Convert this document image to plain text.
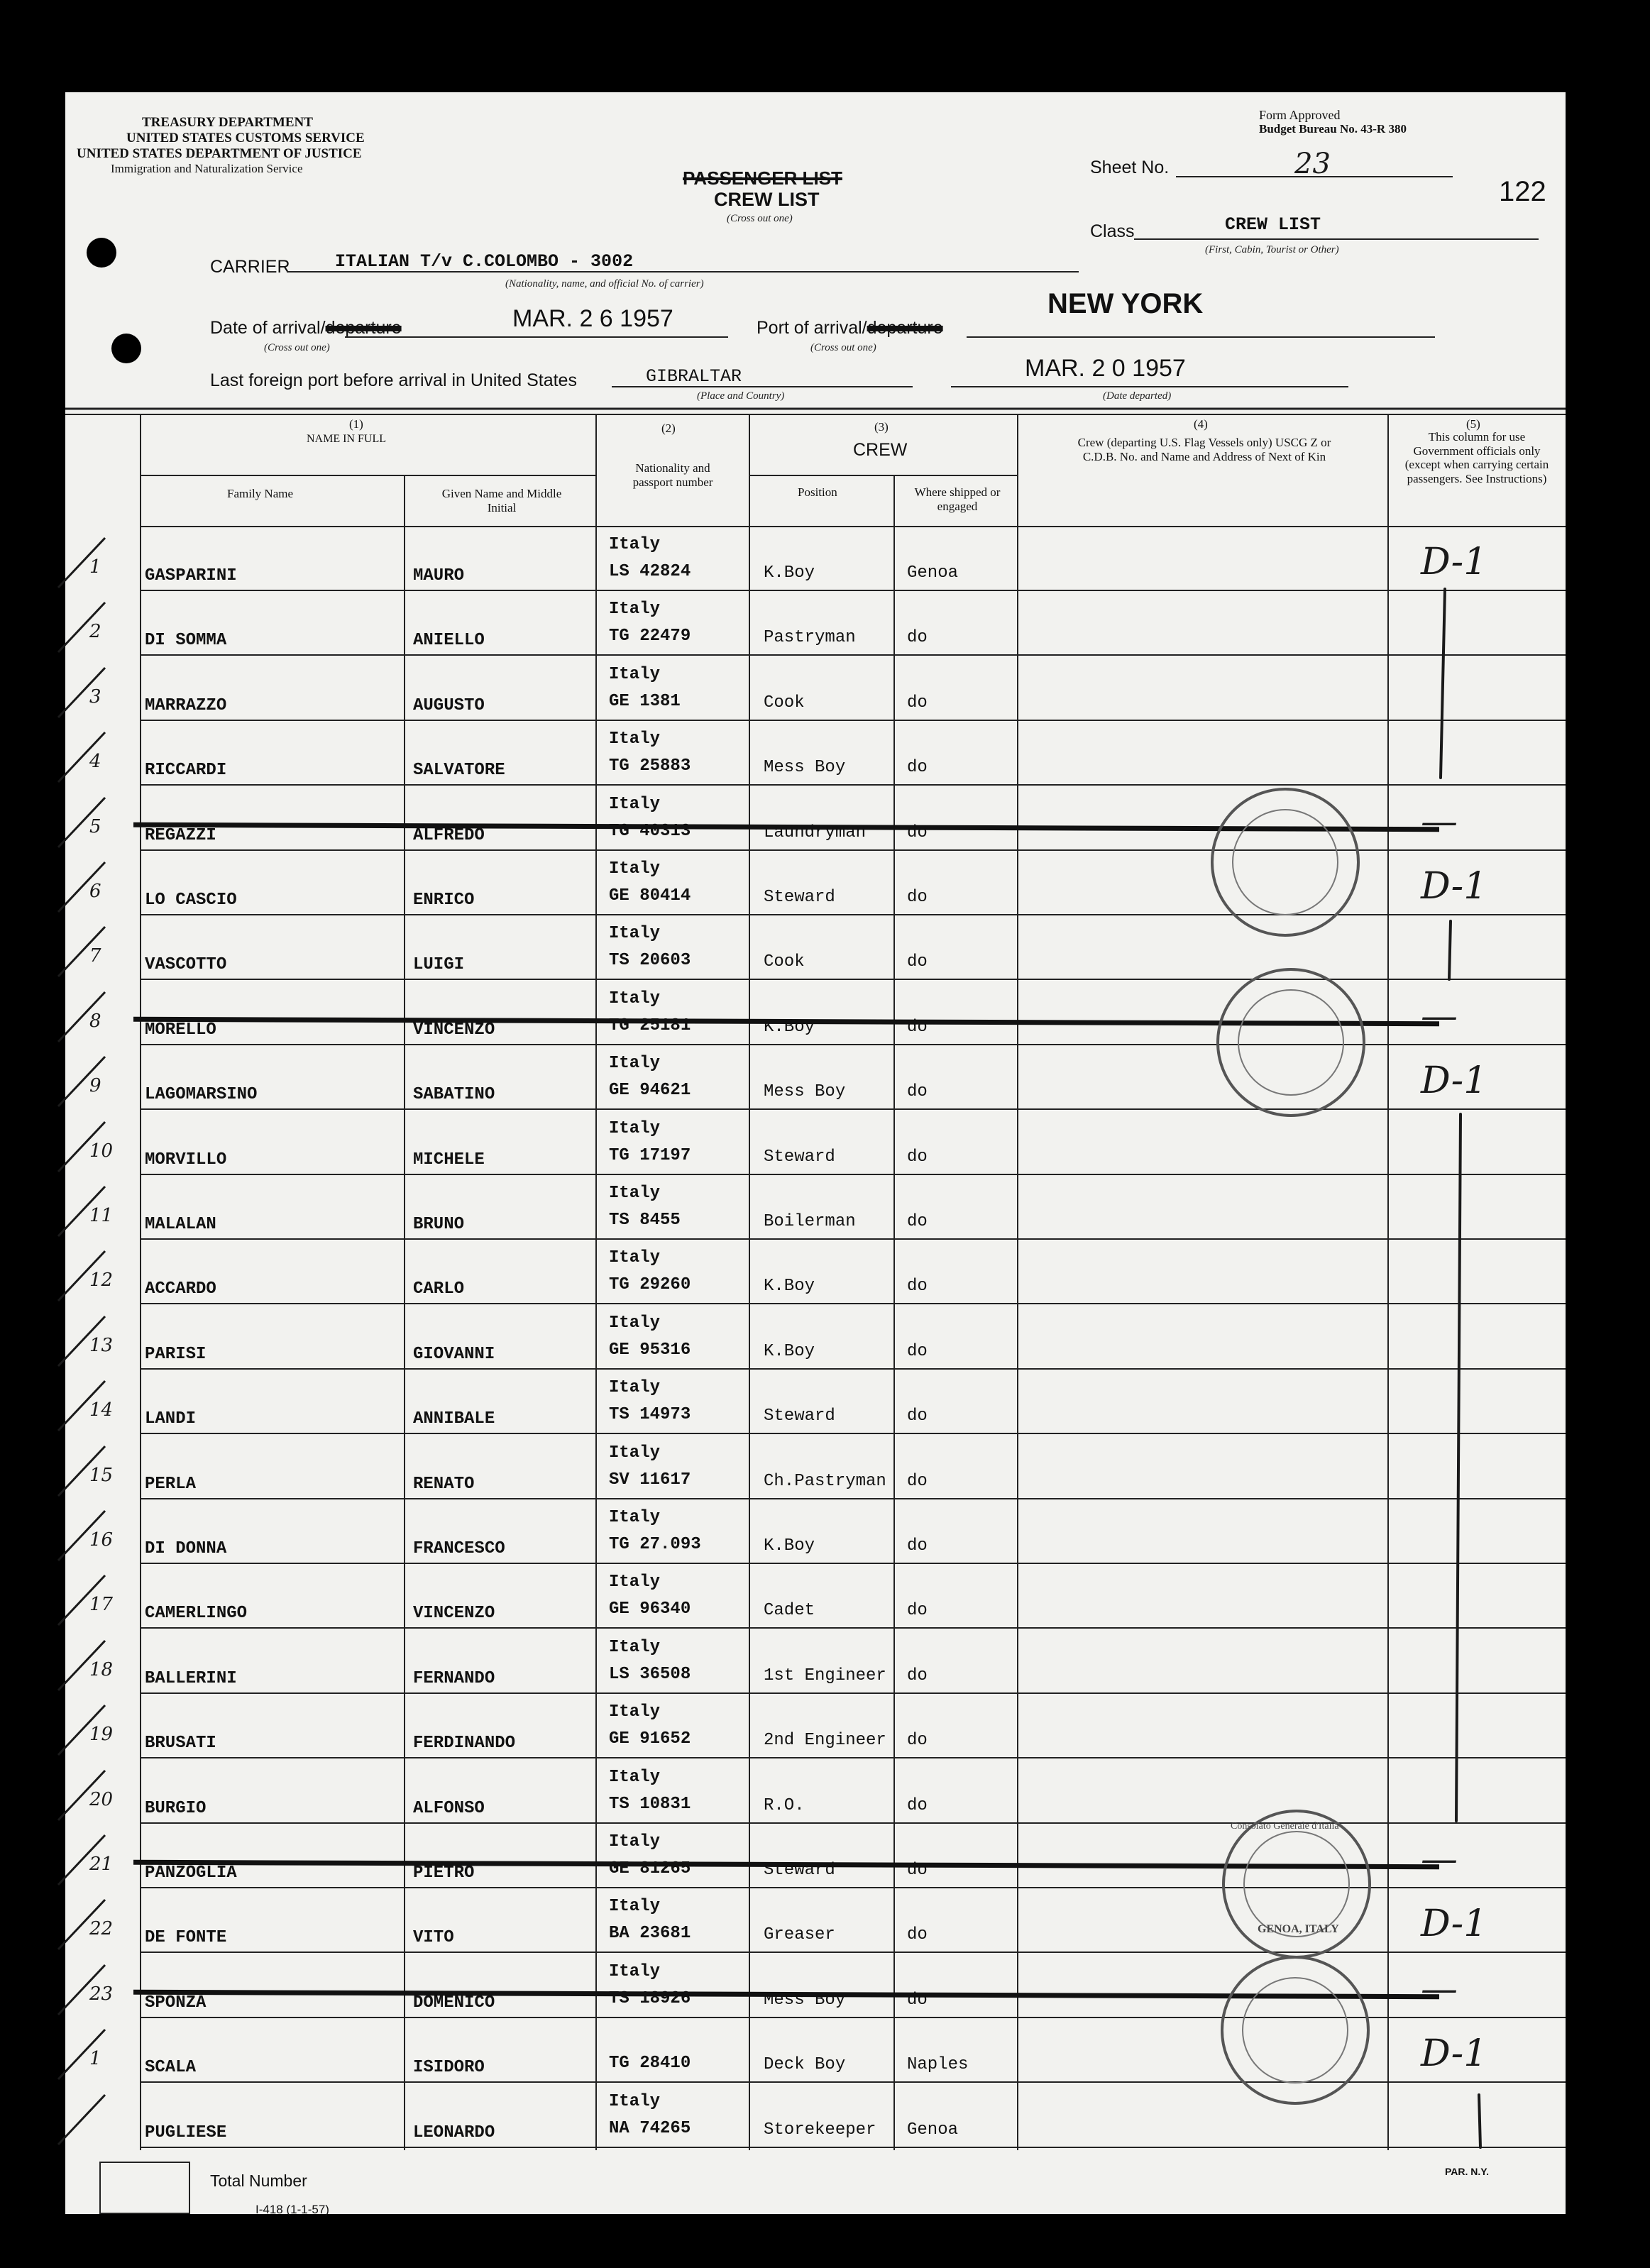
TREASURY DEPARTMENT
UNITED STATES CUSTOMS SERVICE
UNITED STATES DEPARTMENT OF JUSTICE
Immigration and Naturalization Service
Form Approved
Budget Bureau No. 43-R 380
Sheet No.	23
122
PASSENGER LIST
CREW LIST
(Cross out one)
Class	CREW LIST
(First, Cabin, Tourist or Other)
CARRIER	ITALIAN T/v C.COLOMBO - 3002
(Nationality, name, and official No. of carrier)
Date of arrival/departure	MAR. 2 6 1957
(Cross out one)
Port of arrival/departure
NEW YORK
(Cross out one)
Last foreign port before arrival in United States	GIBRALTAR
(Place and Country)
MAR. 2 0 1957
(Date departed)
(1)
NAME IN FULL
Family Name	Given Name and Middle Initial
(2)
Nationality and passport number
(3)
CREW
Position	Where shipped or engaged
(4)
Crew (departing U.S. Flag Vessels only) USCG Z or C.D.B. No. and Name and Address of Next of Kin
(5)
This column for use Government officials only (except when carrying certain passengers. See Instructions)
1	GASPARINI	MAURO
Italy
LS 42824	K.Boy	Genoa	D-1
2	DI SOMMA	ANIELLO
Italy
TG 22479	Pastryman	do
3	MARRAZZO	AUGUSTO
Italy
GE 1381	Cook	do
4	RICCARDI	SALVATORE
Italy
TG 25883	Mess Boy	do
5	REGAZZI	ALFREDO
Italy
TG 40313	Laundryman do	—
6	LO CASCIO	ENRICO
Italy
GE 80414	Steward	do	D-1
7	VASCOTTO	LUIGI
Italy
TS 20603	Cook	do
8	MORELLO	VINCENZO
Italy
TG 25181	K.Boy	do	—
9	LAGOMARSINO	SABATINO
Italy
GE 94621	Mess Boy	do	D-1
10 MORVILLO	MICHELE
Italy
TG 17197	Steward	do
11 MALALAN	BRUNO
Italy
TS 8455	Boilerman	do
12 ACCARDO	CARLO
Italy
TG 29260	K.Boy	do
13 PARISI	GIOVANNI
Italy
GE 95316	K.Boy	do
14 LANDI	ANNIBALE
Italy
TS 14973	Steward	do
15 PERLA	RENATO
Italy
SV 11617	Ch.Pastryman do
16 DI DONNA	FRANCESCO
Italy
TG 27.093	K.Boy	do
17 CAMERLINGO	VINCENZO
Italy
GE 96340	Cadet	do
18 BALLERINI	FERNANDO
Italy
LS 36508	1st Engineer do
19 BRUSATI	FERDINANDO
Italy
GE 91652	2nd Engineer do
20 BURGIO	ALFONSO
Italy
TS 10831	R.O.	do
21 PANZOGLIA	PIETRO
Italy
GE 81265	Steward	do	—
22 DE FONTE	VITO
Italy
BA 23681	Greaser	do	D-1
23 SPONZA	DOMENICO
Italy
TS 18926	Mess Boy	do	—
1	SCALA	ISIDORO	TG 28410	Deck Boy	Naples	D-1
PUGLIESE	LEONARDO
Italy
NA 74265	Storekeeper Genoa
Consolato Generale d'Italia
GENOA, ITALY
Total Number
I-418 (1-1-57)
PAR. N.Y.
